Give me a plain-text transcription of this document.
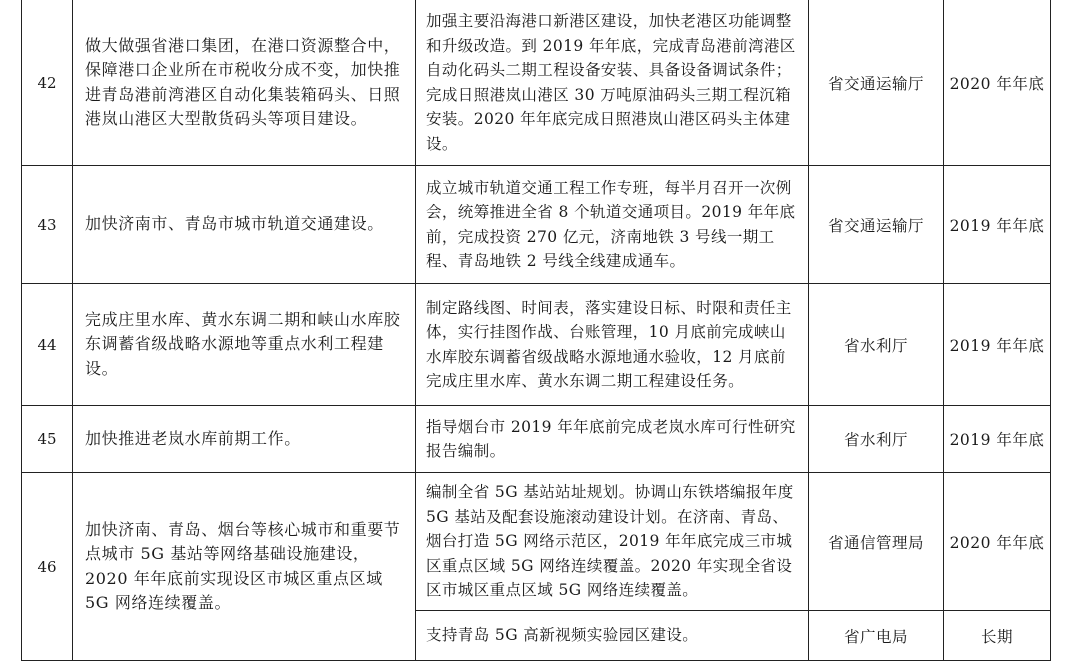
42	做大做强省港口集团，在港口资源整合中，保障港口企业所在市税收分成不变，加快推进青岛港前湾港区自动化集装箱码头、日照港岚山港区大型散货码头等项目建设。	加强主要沿海港口新港区建设，加快老港区功能调整和升级改造。到 2019 年年底，完成青岛港前湾港区自动化码头二期工程设备安装、具备设备调试条件；完成日照港岚山港区 30 万吨原油码头三期工程沉箱安装。2020 年年底完成日照港岚山港区码头主体建设。	省交通运输厅	2020 年年底
43	加快济南市、青岛市城市轨道交通建设。	成立城市轨道交通工程工作专班，每半月召开一次例会，统筹推进全省 8 个轨道交通项目。2019 年年底前，完成投资 270 亿元，济南地铁 3 号线一期工程、青岛地铁 2 号线全线建成通车。	省交通运输厅	2019 年年底
44	完成庄里水库、黄水东调二期和峡山水库胶东调蓄省级战略水源地等重点水利工程建设。	制定路线图、时间表，落实建设日标、时限和责任主体，实行挂图作战、台账管理，10 月底前完成峡山水库胶东调蓄省级战略水源地通水验收，12 月底前完成庄里水库、黄水东调二期工程建设任务。	省水利厅	2019 年年底
45	加快推进老岚水库前期工作。	指导烟台市 2019 年年底前完成老岚水库可行性研究报告编制。	省水利厅	2019 年年底
46	加快济南、青岛、烟台等核心城市和重要节点城市 5G 基站等网络基础设施建设，2020 年年底前实现设区市城区重点区域 5G 网络连续覆盖。	编制全省 5G 基站站址规划。协调山东铁塔编报年度 5G 基站及配套设施滚动建设计划。在济南、青岛、烟台打造 5G 网络示范区，2019 年年底完成三市城区重点区域 5G 网络连续覆盖。2020 年实现全省设区市城区重点区域 5G 网络连续覆盖。	省通信管理局	2020 年年底
		支持青岛 5G 高新视频实验园区建设。	省广电局	长期
